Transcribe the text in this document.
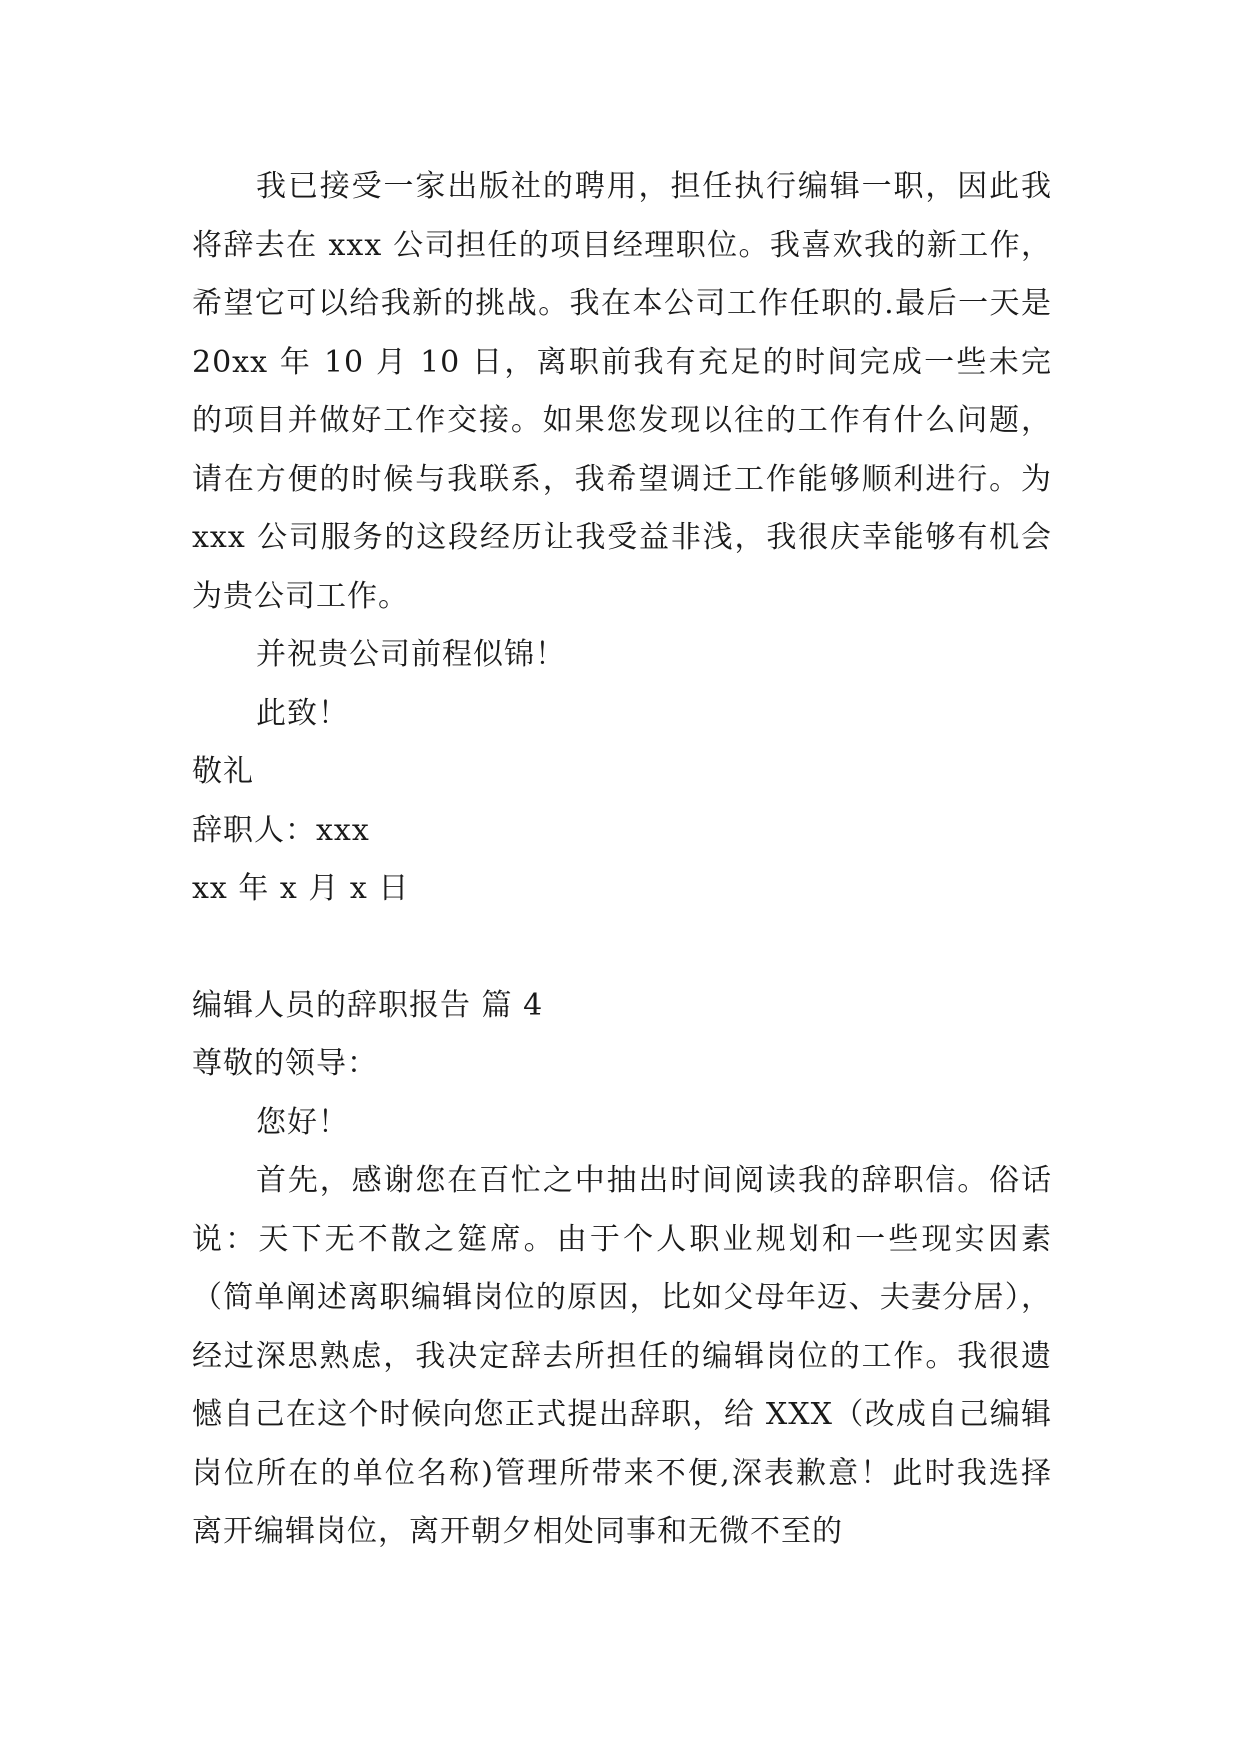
我已接受一家出版社的聘用，担任执行编辑一职，因此我将辞去在 xxx 公司担任的项目经理职位。我喜欢我的新工作，希望它可以给我新的挑战。我在本公司工作任职的.最后一天是 20xx 年 10 月 10 日，离职前我有充足的时间完成一些未完的项目并做好工作交接。如果您发现以往的工作有什么问题，请在方便的时候与我联系，我希望调迁工作能够顺利进行。为 xxx 公司服务的这段经历让我受益非浅，我很庆幸能够有机会为贵公司工作。

并祝贵公司前程似锦！

此致！

敬礼

辞职人：xxx

xx 年 x 月 x 日

编辑人员的辞职报告 篇 4

尊敬的领导：

您好！

首先，感谢您在百忙之中抽出时间阅读我的辞职信。俗话说：天下无不散之筵席。由于个人职业规划和一些现实因素（简单阐述离职编辑岗位的原因，比如父母年迈、夫妻分居），经过深思熟虑，我决定辞去所担任的编辑岗位的工作。我很遗憾自己在这个时候向您正式提出辞职，给 XXX（改成自己编辑岗位所在的单位名称)管理所带来不便,深表歉意！此时我选择离开编辑岗位，离开朝夕相处同事和无微不至的
